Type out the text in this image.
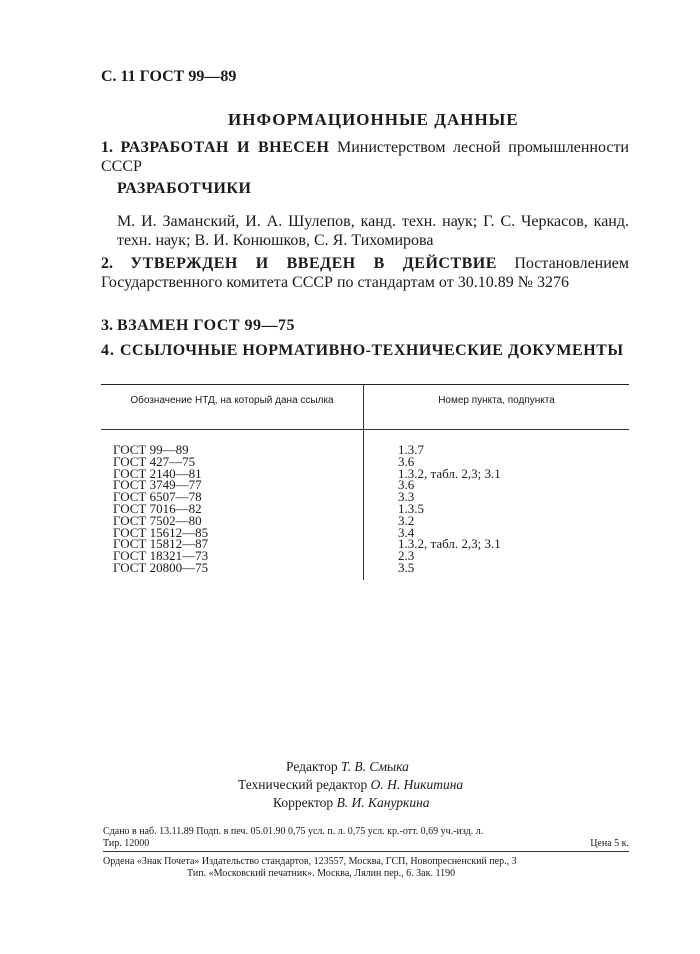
С. 11 ГОСТ 99—89
ИНФОРМАЦИОННЫЕ ДАННЫЕ
1. РАЗРАБОТАН И ВНЕСЕН Министерством лесной промышленности СССР
РАЗРАБОТЧИКИ
М. И. Заманский, И. А. Шулепов, канд. техн. наук; Г. С. Черкасов, канд. техн. наук; В. И. Конюшков, С. Я. Тихомирова
2. УТВЕРЖДЕН И ВВЕДЕН В ДЕЙСТВИЕ Постановлением Государственного комитета СССР по стандартам от 30.10.89 № 3276
3. ВЗАМЕН ГОСТ 99—75
4. ССЫЛОЧНЫЕ НОРМАТИВНО-ТЕХНИЧЕСКИЕ ДОКУМЕНТЫ
Обозначение НТД, на который дана ссылка	Номер пункта, подпункта
ГОСТ 99—89
ГОСТ 427—75
ГОСТ 2140—81
ГОСТ 3749—77
ГОСТ 6507—78
ГОСТ 7016—82
ГОСТ 7502—80
ГОСТ 15612—85
ГОСТ 15812—87
ГОСТ 18321—73
ГОСТ 20800—75
1.3.7
3.6
1.3.2, табл. 2,3; 3.1
3.6
3.3
1.3.5
3.2
3.4
1.3.2, табл. 2,3; 3.1
2.3
3.5
Редактор Т. В. Смыка
Технический редактор О. Н. Никитина
Корректор В. И. Кануркина
Сдано в наб. 13.11.89 Подп. в печ. 05.01.90 0,75 усл. п. л. 0,75 усл. кр.-отт. 0,69 уч.-изд. л.
Тир. 12000	Цена 5 к.
Ордена «Знак Почета» Издательство стандартов, 123557, Москва, ГСП, Новопресненский пер., 3
Тип. «Московский печатник». Москва, Лялин пер., 6. Зак. 1190
